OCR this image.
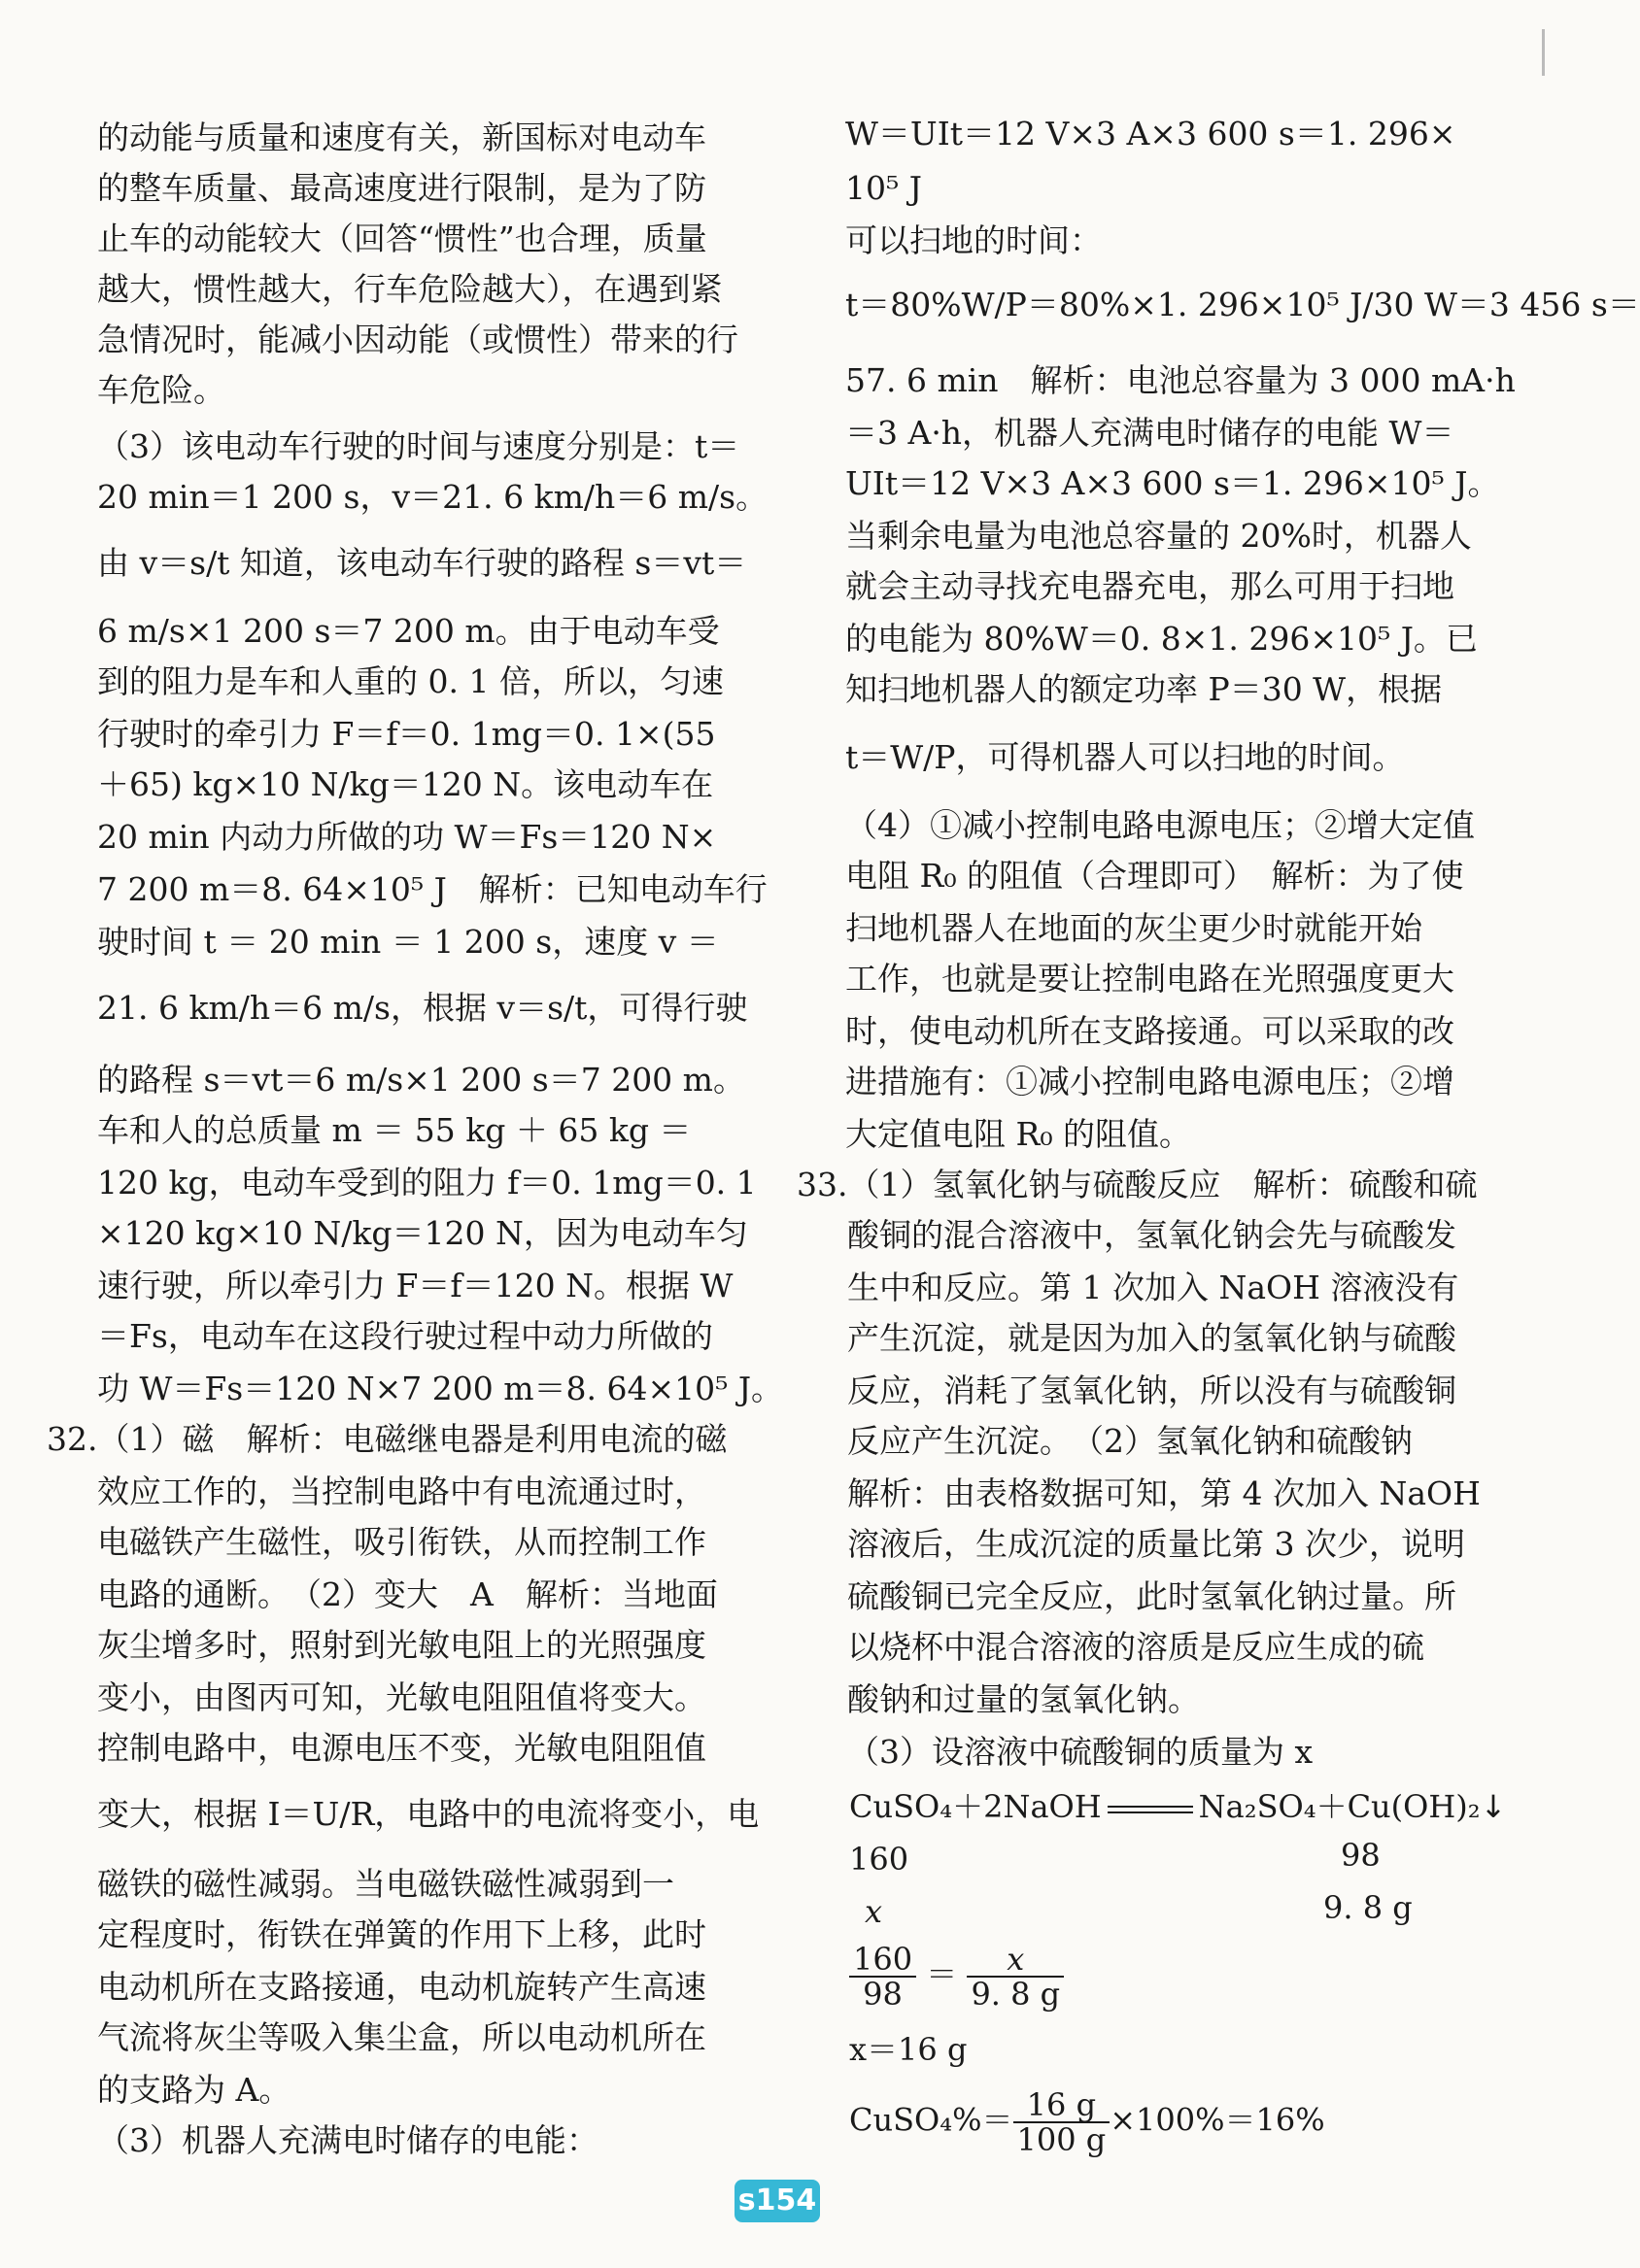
的动能与质量和速度有关，新国标对电动车
的整车质量、最高速度进行限制，是为了防
止车的动能较大（回答“惯性”也合理，质量
越大，惯性越大，行车危险越大），在遇到紧
急情况时，能减小因动能（或惯性）带来的行
车危险。
（3）该电动车行驶的时间与速度分别是：t＝
20 min＝1 200 s，v＝21. 6 km/h＝6 m/s。
由 v＝s/t 知道，该电动车行驶的路程 s＝vt＝
6 m/s×1 200 s＝7 200 m。由于电动车受
到的阻力是车和人重的 0. 1 倍，所以，匀速
行驶时的牵引力 F＝f＝0. 1mg＝0. 1×(55
＋65) kg×10 N/kg＝120 N。该电动车在
20 min 内动力所做的功 W＝Fs＝120 N×
7 200 m＝8. 64×10⁵ J　解析：已知电动车行
驶时间 t ＝ 20 min ＝ 1 200 s，速度 v ＝
21. 6 km/h＝6 m/s，根据 v＝s/t，可得行驶
的路程 s＝vt＝6 m/s×1 200 s＝7 200 m。
车和人的总质量 m ＝ 55 kg ＋ 65 kg ＝
120 kg，电动车受到的阻力 f＝0. 1mg＝0. 1
×120 kg×10 N/kg＝120 N，因为电动车匀
速行驶，所以牵引力 F＝f＝120 N。根据 W
＝Fs，电动车在这段行驶过程中动力所做的
功 W＝Fs＝120 N×7 200 m＝8. 64×10⁵ J。
32.（1）磁　解析：电磁继电器是利用电流的磁
效应工作的，当控制电路中有电流通过时，
电磁铁产生磁性，吸引衔铁，从而控制工作
电路的通断。　（2）变大　A　解析：当地面
灰尘增多时，照射到光敏电阻上的光照强度
变小，由图丙可知，光敏电阻阻值将变大。
控制电路中，电源电压不变，光敏电阻阻值
变大，根据 I＝U/R，电路中的电流将变小，电
磁铁的磁性减弱。当电磁铁磁性减弱到一
定程度时，衔铁在弹簧的作用下上移，此时
电动机所在支路接通，电动机旋转产生高速
气流将灰尘等吸入集尘盒，所以电动机所在
的支路为 A。
（3）机器人充满电时储存的电能：
W＝UIt＝12 V×3 A×3 600 s＝1. 296×
10⁵ J
可以扫地的时间：
t＝80%W/P＝80%×1. 296×10⁵ J/30 W＝3 456 s＝
57. 6 min　解析：电池总容量为 3 000 mA·h
＝3 A·h，机器人充满电时储存的电能 W＝
UIt＝12 V×3 A×3 600 s＝1. 296×10⁵ J。
当剩余电量为电池总容量的 20%时，机器人
就会主动寻找充电器充电，那么可用于扫地
的电能为 80%W＝0. 8×1. 296×10⁵ J。已
知扫地机器人的额定功率 P＝30 W，根据
t＝W/P，可得机器人可以扫地的时间。
（4）①减小控制电路电源电压；②增大定值
电阻 R₀ 的阻值（合理即可）　解析：为了使
扫地机器人在地面的灰尘更少时就能开始
工作，也就是要让控制电路在光照强度更大
时，使电动机所在支路接通。可以采取的改
进措施有：①减小控制电路电源电压；②增
大定值电阻 R₀ 的阻值。
33.（1）氢氧化钠与硫酸反应　解析：硫酸和硫
酸铜的混合溶液中，氢氧化钠会先与硫酸发
生中和反应。第 1 次加入 NaOH 溶液没有
产生沉淀，就是因为加入的氢氧化钠与硫酸
反应，消耗了氢氧化钠，所以没有与硫酸铜
反应产生沉淀。　（2）氢氧化钠和硫酸钠
解析：由表格数据可知，第 4 次加入 NaOH
溶液后，生成沉淀的质量比第 3 次少，说明
硫酸铜已完全反应，此时氢氧化钠过量。所
以烧杯中混合溶液的溶质是反应生成的硫
酸钠和过量的氢氧化钠。
（3）设溶液中硫酸铜的质量为 x
CuSO₄＋2NaOH	Na₂SO₄＋Cu(OH)₂↓
160	98
x	9. 8 g
$\frac{160}{98} = \frac{x}{9. 8 g}$
x＝16 g
CuSO₄%＝ $\frac{16 g}{100 g} \times 100\%=16\%$
s154
